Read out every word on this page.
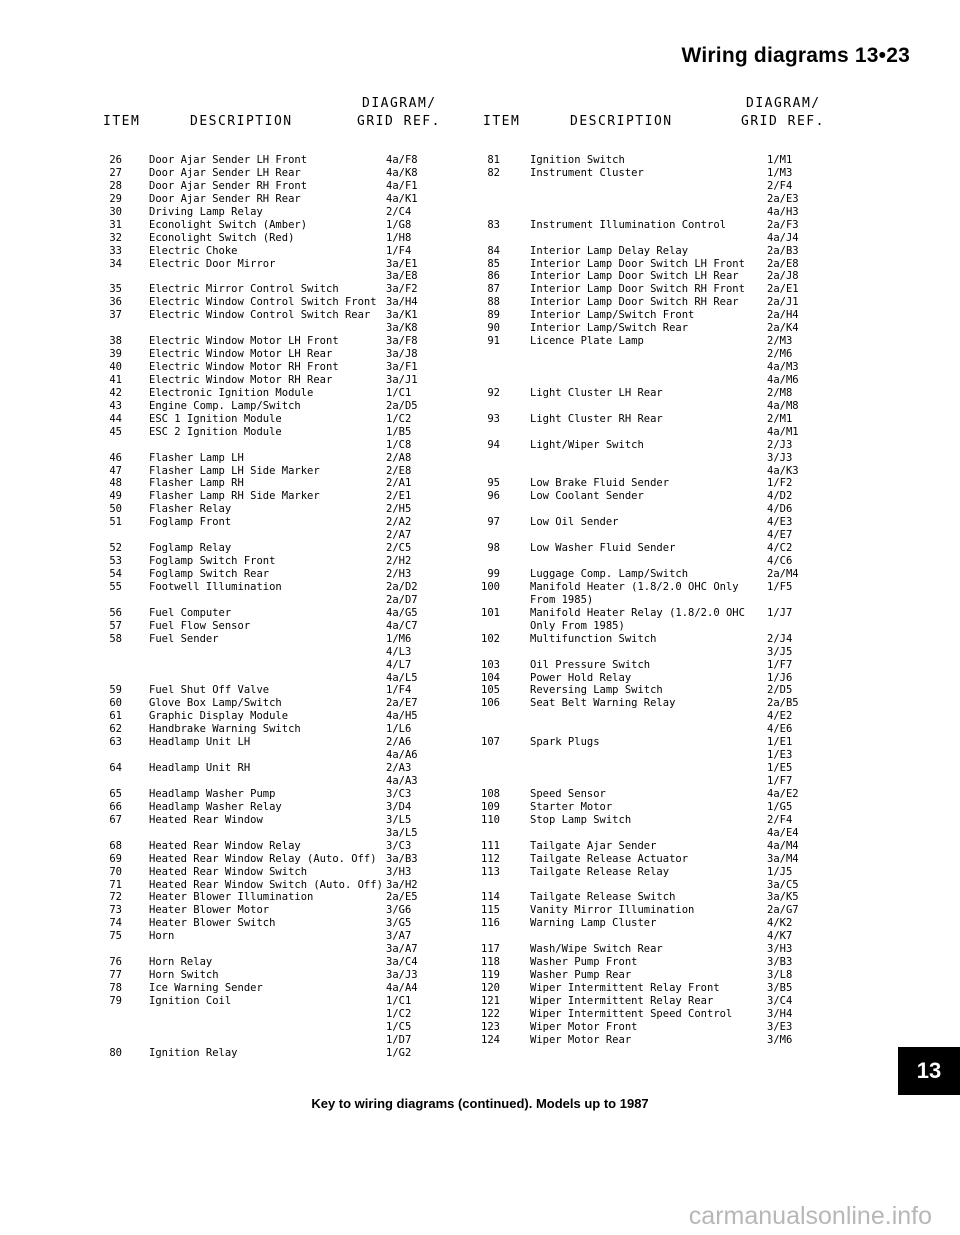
Wiring diagrams 13•23
ITEM	DESCRIPTION
DIAGRAM/
GRID REF.	ITEM	DESCRIPTION
DIAGRAM/
GRID REF.
26	Door Ajar Sender LH Front	4a/F8
27	Door Ajar Sender LH Rear	4a/K8
28	Door Ajar Sender RH Front	4a/F1
29	Door Ajar Sender RH Rear	4a/K1
30	Driving Lamp Relay	2/C4
31	Econolight Switch (Amber)	1/G8
32	Econolight Switch (Red)	1/H8
33	Electric Choke	1/F4
34	Electric Door Mirror	3a/E1
3a/E8
35	Electric Mirror Control Switch	3a/F2
36	Electric Window Control Switch Front 3a/H4
37	Electric Window Control Switch Rear 3a/K1
3a/K8
38	Electric Window Motor LH Front	3a/F8
39	Electric Window Motor LH Rear	3a/J8
40	Electric Window Motor RH Front	3a/F1
41	Electric Window Motor RH Rear	3a/J1
42	Electronic Ignition Module	1/C1
43	Engine Comp. Lamp/Switch	2a/D5
44	ESC 1 Ignition Module	1/C2
45	ESC 2 Ignition Module	1/B5
1/C8
46	Flasher Lamp LH	2/A8
47	Flasher Lamp LH Side Marker	2/E8
48	Flasher Lamp RH	2/A1
49	Flasher Lamp RH Side Marker	2/E1
50	Flasher Relay	2/H5
51	Foglamp Front	2/A2
2/A7
52	Foglamp Relay	2/C5
53	Foglamp Switch Front	2/H2
54	Foglamp Switch Rear	2/H3
55	Footwell Illumination	2a/D2
2a/D7
56	Fuel Computer	4a/G5
57	Fuel Flow Sensor	4a/C7
58	Fuel Sender	1/M6
4/L3
4/L7
4a/L5
59	Fuel Shut Off Valve	1/F4
60	Glove Box Lamp/Switch	2a/E7
61	Graphic Display Module	4a/H5
62	Handbrake Warning Switch	1/L6
63	Headlamp Unit LH	2/A6
4a/A6
64	Headlamp Unit RH	2/A3
4a/A3
65	Headlamp Washer Pump	3/C3
66	Headlamp Washer Relay	3/D4
67	Heated Rear Window	3/L5
3a/L5
68	Heated Rear Window Relay	3/C3
69	Heated Rear Window Relay (Auto. Off) 3a/B3
70	Heated Rear Window Switch	3/H3
71	Heated Rear Window Switch (Auto. Off) 3a/H2
72	Heater Blower Illumination	2a/E5
73	Heater Blower Motor	3/G6
74	Heater Blower Switch	3/G5
75	Horn	3/A7
3a/A7
76	Horn Relay	3a/C4
77	Horn Switch	3a/J3
78	Ice Warning Sender	4a/A4
79	Ignition Coil	1/C1
1/C2
1/C5
1/D7
80	Ignition Relay	1/G2
81	Ignition Switch	1/M1
82	Instrument Cluster	1/M3
2/F4
2a/E3
4a/H3
83	Instrument Illumination Control	2a/F3
4a/J4
84	Interior Lamp Delay Relay	2a/B3
85	Interior Lamp Door Switch LH Front 2a/E8
86	Interior Lamp Door Switch LH Rear	2a/J8
87	Interior Lamp Door Switch RH Front 2a/E1
88	Interior Lamp Door Switch RH Rear	2a/J1
89	Interior Lamp/Switch Front	2a/H4
90	Interior Lamp/Switch Rear	2a/K4
91	Licence Plate Lamp	2/M3
2/M6
4a/M3
4a/M6
92	Light Cluster LH Rear	2/M8
4a/M8
93	Light Cluster RH Rear	2/M1
4a/M1
94	Light/Wiper Switch	2/J3
3/J3
4a/K3
95	Low Brake Fluid Sender	1/F2
96	Low Coolant Sender	4/D2
4/D6
97	Low Oil Sender	4/E3
4/E7
98	Low Washer Fluid Sender	4/C2
4/C6
99	Luggage Comp. Lamp/Switch	2a/M4
100	Manifold Heater (1.8/2.0 OHC Only	1/F5
From 1985)
101	Manifold Heater Relay (1.8/2.0 OHC 1/J7
Only From 1985)
102	Multifunction Switch	2/J4
3/J5
103	Oil Pressure Switch	1/F7
104	Power Hold Relay	1/J6
105	Reversing Lamp Switch	2/D5
106	Seat Belt Warning Relay	2a/B5
4/E2
4/E6
107	Spark Plugs	1/E1
1/E3
1/E5
1/F7
108	Speed Sensor	4a/E2
109	Starter Motor	1/G5
110	Stop Lamp Switch	2/F4
4a/E4
111	Tailgate Ajar Sender	4a/M4
112	Tailgate Release Actuator	3a/M4
113	Tailgate Release Relay	1/J5
3a/C5
114	Tailgate Release Switch	3a/K5
115	Vanity Mirror Illumination	2a/G7
116	Warning Lamp Cluster	4/K2
4/K7
117	Wash/Wipe Switch Rear	3/H3
118	Washer Pump Front	3/B3
119	Washer Pump Rear	3/L8
120	Wiper Intermittent Relay Front	3/B5
121	Wiper Intermittent Relay Rear	3/C4
122	Wiper Intermittent Speed Control	3/H4
123	Wiper Motor Front	3/E3
124	Wiper Motor Rear	3/M6
Key to wiring diagrams (continued). Models up to 1987
13
carmanualsonline.info
